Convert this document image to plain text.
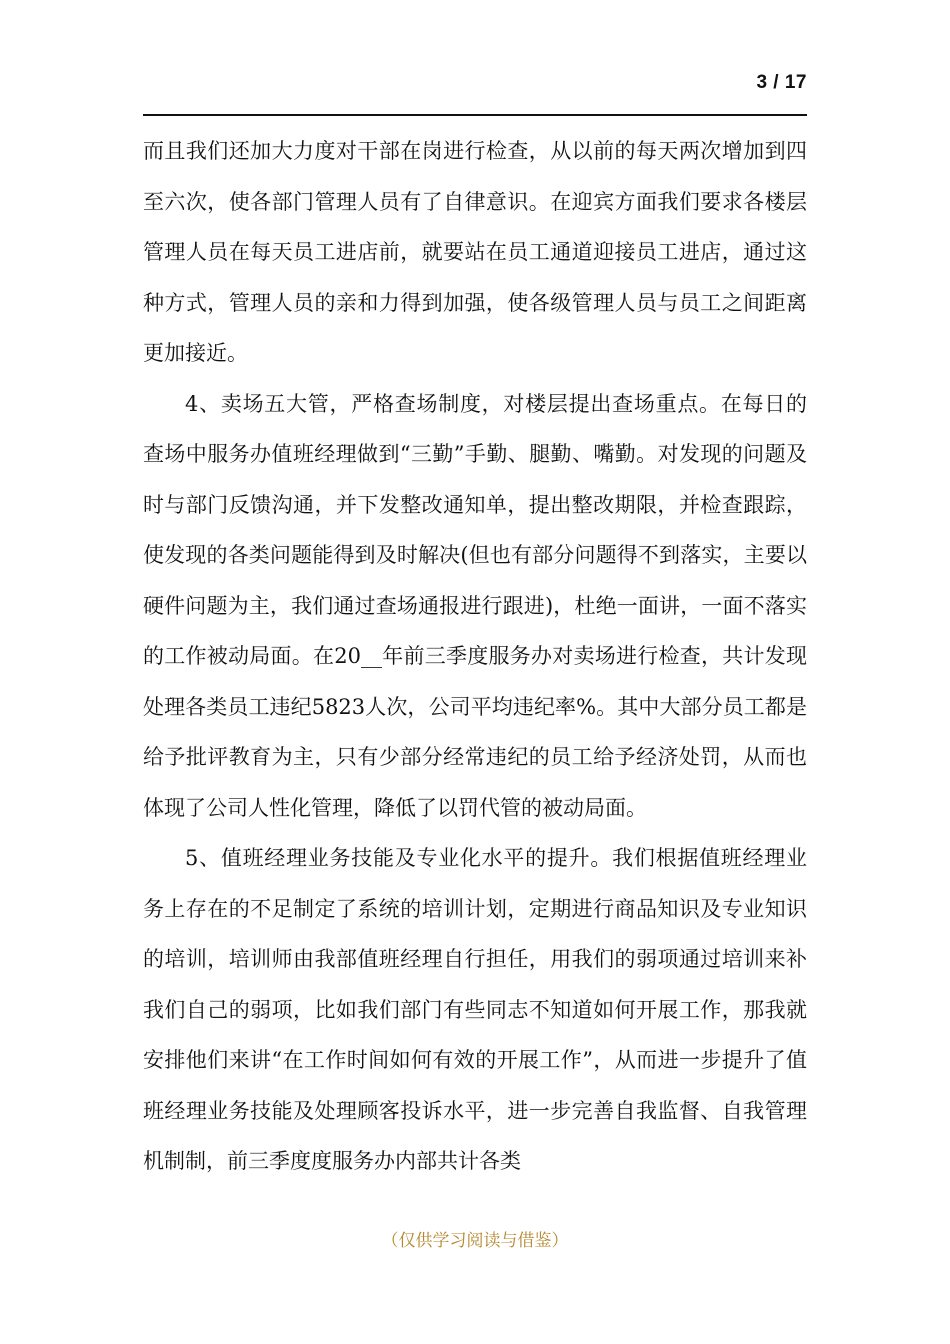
3 / 17

而且我们还加大力度对干部在岗进行检查，从以前的每天两次增加到四至六次，使各部门管理人员有了自律意识。在迎宾方面我们要求各楼层管理人员在每天员工进店前，就要站在员工通道迎接员工进店，通过这种方式，管理人员的亲和力得到加强，使各级管理人员与员工之间距离更加接近。

4、卖场五大管，严格查场制度，对楼层提出查场重点。在每日的查场中服务办值班经理做到“三勤”手勤、腿勤、嘴勤。对发现的问题及时与部门反馈沟通，并下发整改通知单，提出整改期限，并检查跟踪，使发现的各类问题能得到及时解决(但也有部分问题得不到落实，主要以硬件问题为主，我们通过查场通报进行跟进)，杜绝一面讲，一面不落实的工作被动局面。在20__年前三季度服务办对卖场进行检查，共计发现处理各类员工违纪5823人次，公司平均违纪率%。其中大部分员工都是给予批评教育为主，只有少部分经常违纪的员工给予经济处罚，从而也体现了公司人性化管理，降低了以罚代管的被动局面。

5、值班经理业务技能及专业化水平的提升。我们根据值班经理业务上存在的不足制定了系统的培训计划，定期进行商品知识及专业知识的培训，培训师由我部值班经理自行担任，用我们的弱项通过培训来补我们自己的弱项，比如我们部门有些同志不知道如何开展工作，那我就安排他们来讲“在工作时间如何有效的开展工作”，从而进一步提升了值班经理业务技能及处理顾客投诉水平，进一步完善自我监督、自我管理机制制，前三季度度服务办内部共计各类

（仅供学习阅读与借鉴）
